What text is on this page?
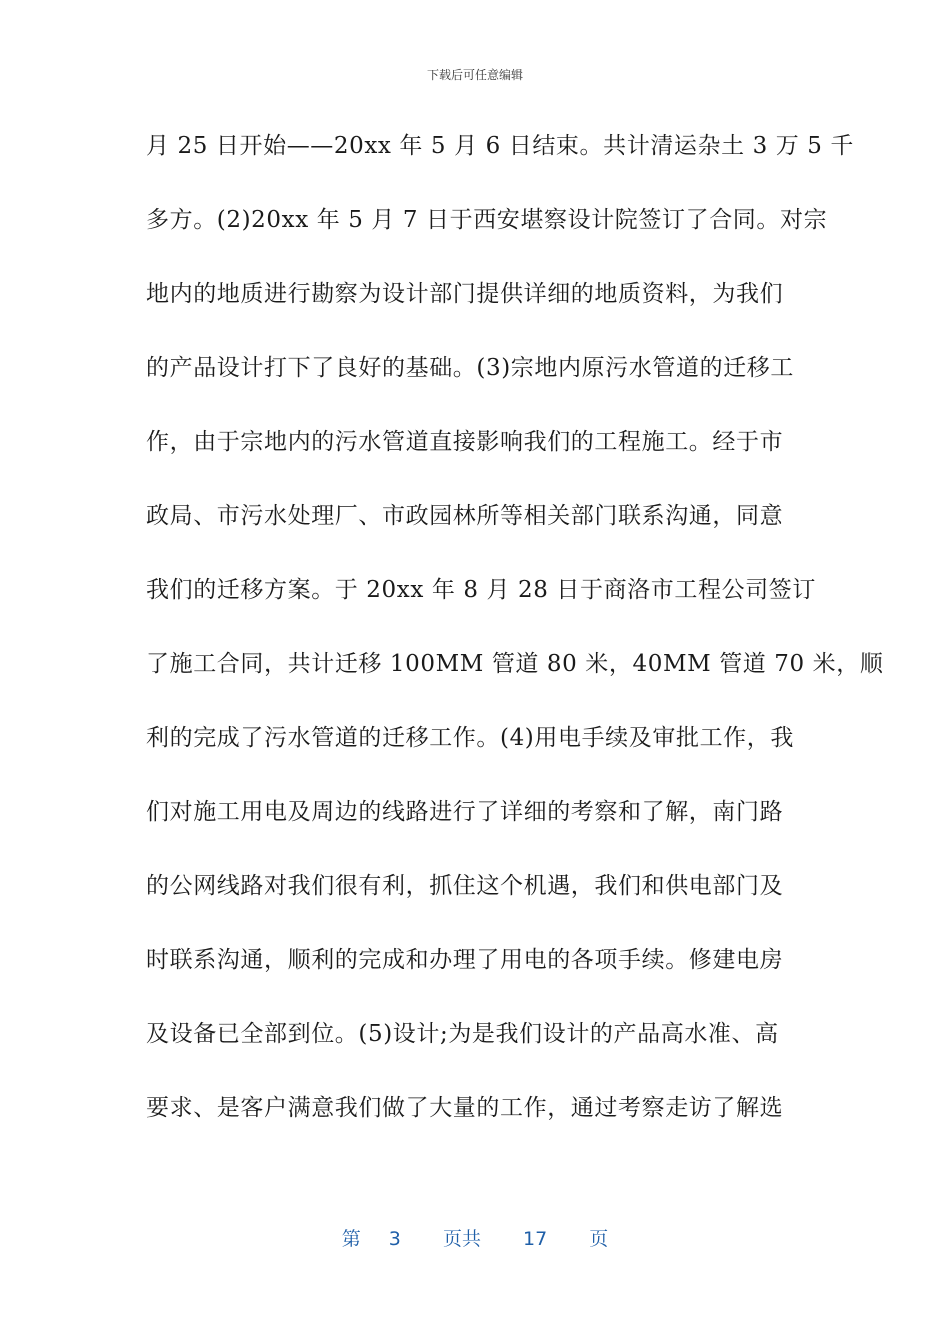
下载后可任意编辑
月 25 日开始——20xx 年 5 月 6 日结束。共计清运杂土 3 万 5 千
多方。(2)20xx 年 5 月 7 日于西安堪察设计院签订了合同。对宗
地内的地质进行勘察为设计部门提供详细的地质资料，为我们
的产品设计打下了良好的基础。(3)宗地内原污水管道的迁移工
作，由于宗地内的污水管道直接影响我们的工程施工。经于市
政局、市污水处理厂、市政园林所等相关部门联系沟通，同意
我们的迁移方案。于 20xx 年 8 月 28 日于商洛市工程公司签订
了施工合同，共计迁移 100MM 管道 80 米，40MM 管道 70 米，顺
利的完成了污水管道的迁移工作。(4)用电手续及审批工作，我
们对施工用电及周边的线路进行了详细的考察和了解，南门路
的公网线路对我们很有利，抓住这个机遇，我们和供电部门及
时联系沟通，顺利的完成和办理了用电的各项手续。修建电房
及设备已全部到位。(5)设计;为是我们设计的产品高水准、高
要求、是客户满意我们做了大量的工作，通过考察走访了解选
第 3 页共 17 页
